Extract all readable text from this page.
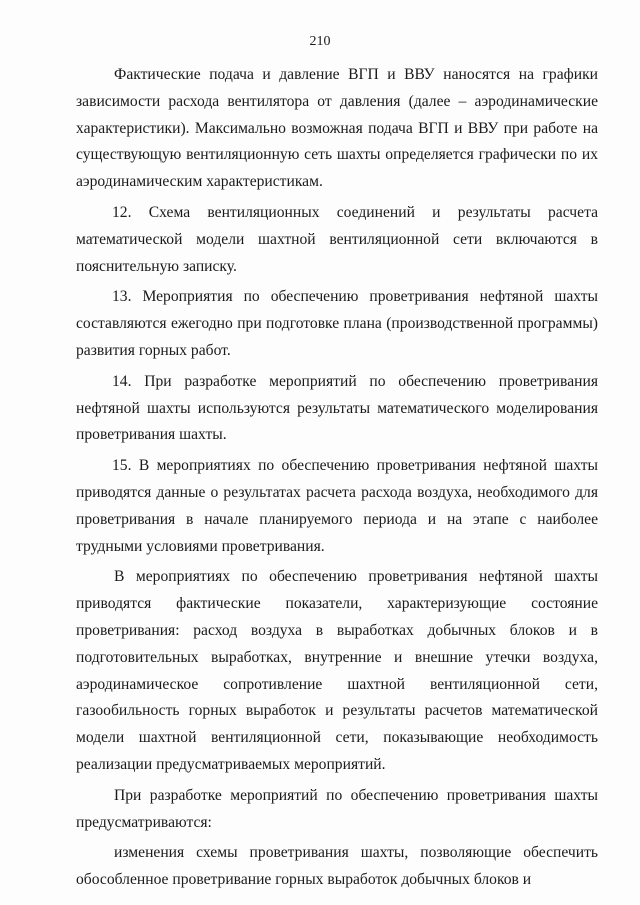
210

Фактические подача и давление ВГП и ВВУ наносятся на графики зависимости расхода вентилятора от давления (далее – аэродинамические характеристики). Максимально возможная подача ВГП и ВВУ при работе на существующую вентиляционную сеть шахты определяется графически по их аэродинамическим характеристикам.

12. Схема вентиляционных соединений и результаты расчета математической модели шахтной вентиляционной сети включаются в пояснительную записку.

13. Мероприятия по обеспечению проветривания нефтяной шахты составляются ежегодно при подготовке плана (производственной программы) развития горных работ.

14. При разработке мероприятий по обеспечению проветривания нефтяной шахты используются результаты математического моделирования проветривания шахты.

15. В мероприятиях по обеспечению проветривания нефтяной шахты приводятся данные о результатах расчета расхода воздуха, необходимого для проветривания в начале планируемого периода и на этапе с наиболее трудными условиями проветривания.

В мероприятиях по обеспечению проветривания нефтяной шахты приводятся фактические показатели, характеризующие состояние проветривания: расход воздуха в выработках добычных блоков и в подготовительных выработках, внутренние и внешние утечки воздуха, аэродинамическое сопротивление шахтной вентиляционной сети, газообильность горных выработок и результаты расчетов математической модели шахтной вентиляционной сети, показывающие необходимость реализации предусматриваемых мероприятий.

При разработке мероприятий по обеспечению проветривания шахты предусматриваются:

изменения схемы проветривания шахты, позволяющие обеспечить обособленное проветривание горных выработок добычных блоков и
